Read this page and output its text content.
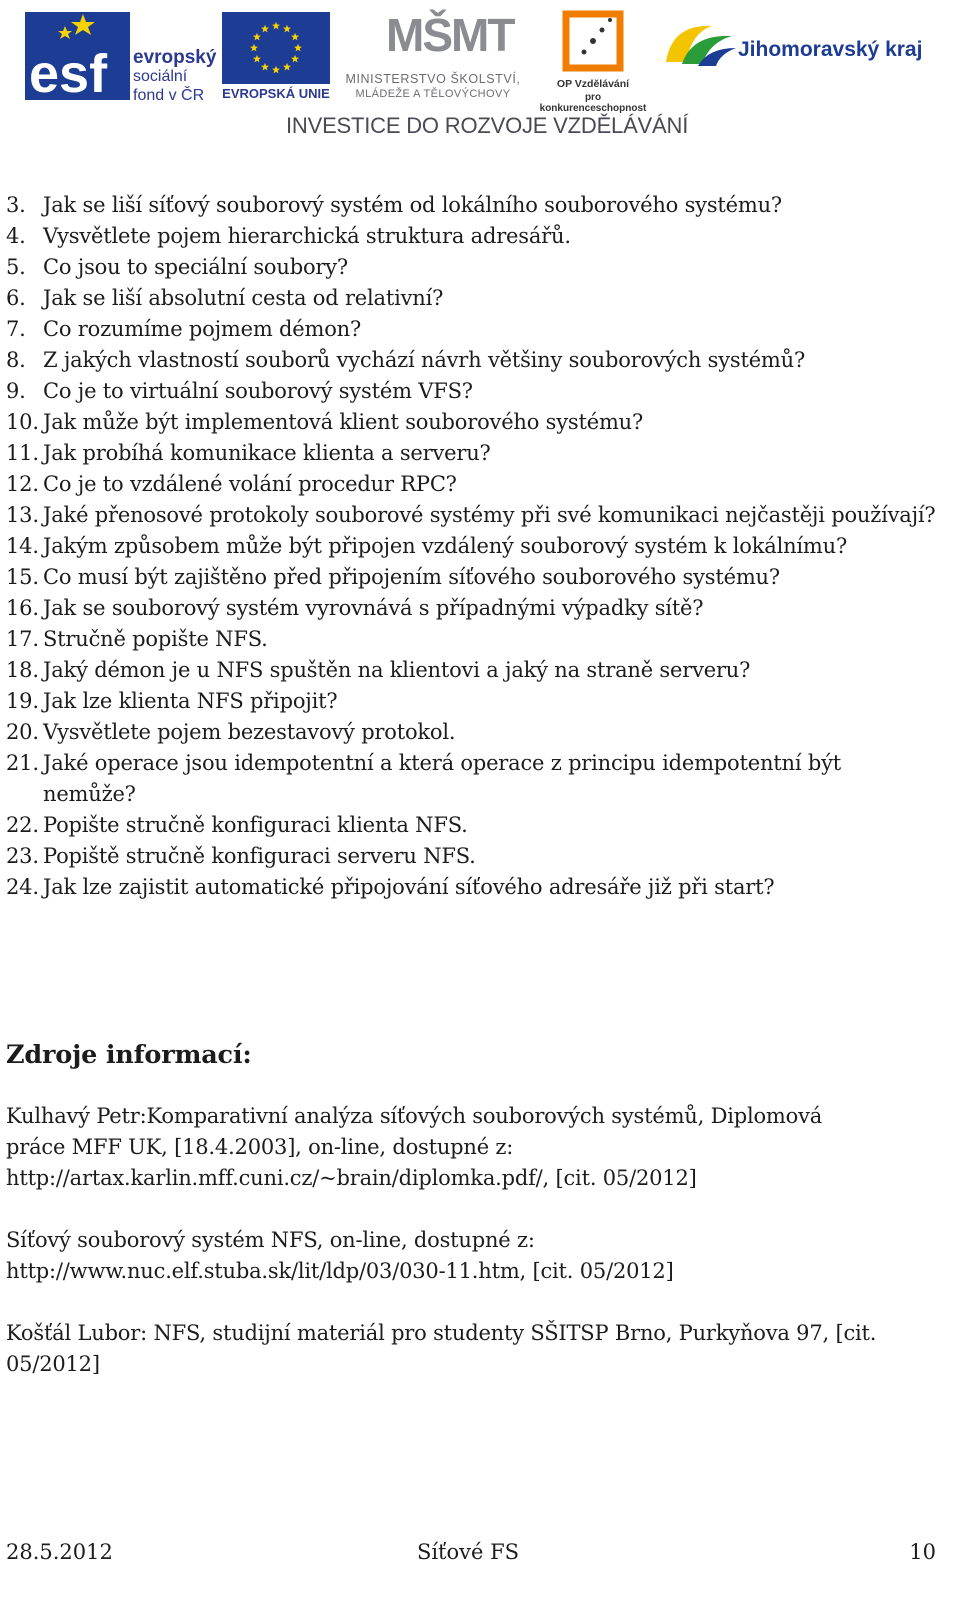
esf evropský
sociální
fond v ČR	EVROPSKÁ UNIE
MŠMT
MINISTERSTVO ŠKOLSTVÍ,
MLÁDEŽE A TĚLOVÝCHOVY
OP Vzdělávání
pro konkurenceschopnost
Jihomoravský kraj
INVESTICE DO ROZVOJE VZDĚLÁVÁNÍ
3. Jak se liší síťový souborový systém od lokálního souborového systému?
4. Vysvětlete pojem hierarchická struktura adresářů.
5. Co jsou to speciální soubory?
6. Jak se liší absolutní cesta od relativní?
7. Co rozumíme pojmem démon?
8. Z jakých vlastností souborů vychází návrh většiny souborových systémů?
9. Co je to virtuální souborový systém VFS?
10. Jak může být implementová klient souborového systému?
11. Jak probíhá komunikace klienta a serveru?
12. Co je to vzdálené volání procedur RPC?
13. Jaké přenosové protokoly souborové systémy při své komunikaci nejčastěji používají?
14. Jakým způsobem může být připojen vzdálený souborový systém k lokálnímu?
15. Co musí být zajištěno před připojením síťového souborového systému?
16. Jak se souborový systém vyrovnává s případnými výpadky sítě?
17. Stručně popište NFS.
18. Jaký démon je u NFS spuštěn na klientovi a jaký na straně serveru?
19. Jak lze klienta NFS připojit?
20. Vysvětlete pojem bezestavový protokol.
21. Jaké operace jsou idempotentní a která operace z principu idempotentní být nemůže?
22. Popište stručně konfiguraci klienta NFS.
23. Popiště stručně konfiguraci serveru NFS.
24. Jak lze zajistit automatické připojování síťového adresáře již při start?
Zdroje informací:

Kulhavý Petr:Komparativní analýza síťových souborových systémů, Diplomová
práce MFF UK, [18.4.2003], on-line, dostupné z:
http://artax.karlin.mff.cuni.cz/~brain/diplomka.pdf/, [cit. 05/2012]

Síťový souborový systém NFS, on-line, dostupné z:
http://www.nuc.elf.stuba.sk/lit/ldp/03/030-11.htm, [cit. 05/2012]

Košťál Lubor: NFS, studijní materiál pro studenty SŠITSP Brno, Purkyňova 97, [cit.
05/2012]

28.5.2012	Síťové FS	10
